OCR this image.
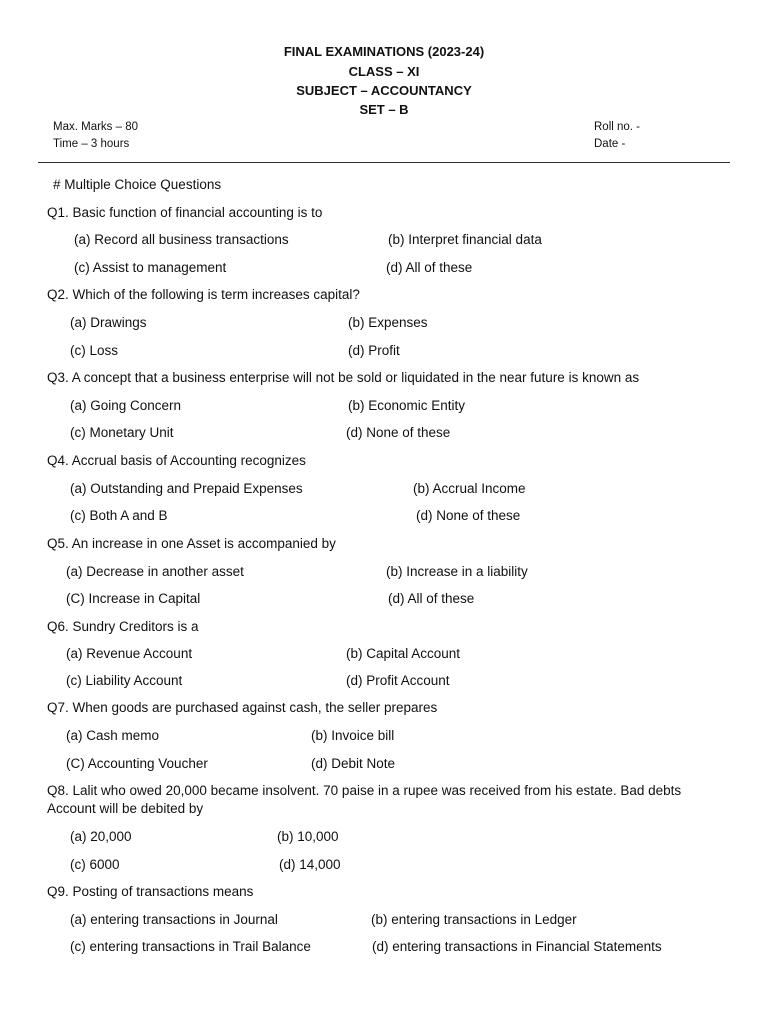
FINAL EXAMINATIONS (2023-24)
CLASS – XI
SUBJECT – ACCOUNTANCY
SET – B
Max. Marks – 80
Time – 3 hours
Roll no. -
Date -
# Multiple Choice Questions
Q1. Basic function of financial accounting is to
(a) Record all business transactions	(b) Interpret financial data
(c) Assist to management	(d) All of these
Q2. Which of the following is term increases capital?
(a) Drawings	(b) Expenses
(c) Loss	(d) Profit
Q3. A concept that a business enterprise will not be sold or liquidated in the near future is known as
(a) Going Concern	(b) Economic Entity
(c) Monetary Unit	(d) None of these
Q4. Accrual basis of Accounting recognizes
(a) Outstanding and Prepaid Expenses	(b) Accrual Income
(c) Both A and B	(d) None of these
Q5. An increase in one Asset is accompanied by
(a) Decrease in another asset	(b) Increase in a liability
(C) Increase in Capital	(d) All of these
Q6. Sundry Creditors is a
(a) Revenue Account	(b) Capital Account
(c) Liability Account	(d) Profit Account
Q7. When goods are purchased against cash, the seller prepares
(a) Cash memo	(b) Invoice bill
(C) Accounting Voucher	(d) Debit Note
Q8. Lalit who owed 20,000 became insolvent. 70 paise in a rupee was received from his estate. Bad debts
Account will be debited by
(a) 20,000	(b) 10,000
(c) 6000	(d) 14,000
Q9. Posting of transactions means
(a) entering transactions in Journal	(b) entering transactions in Ledger
(c) entering transactions in Trail Balance	(d) entering transactions in Financial Statements
